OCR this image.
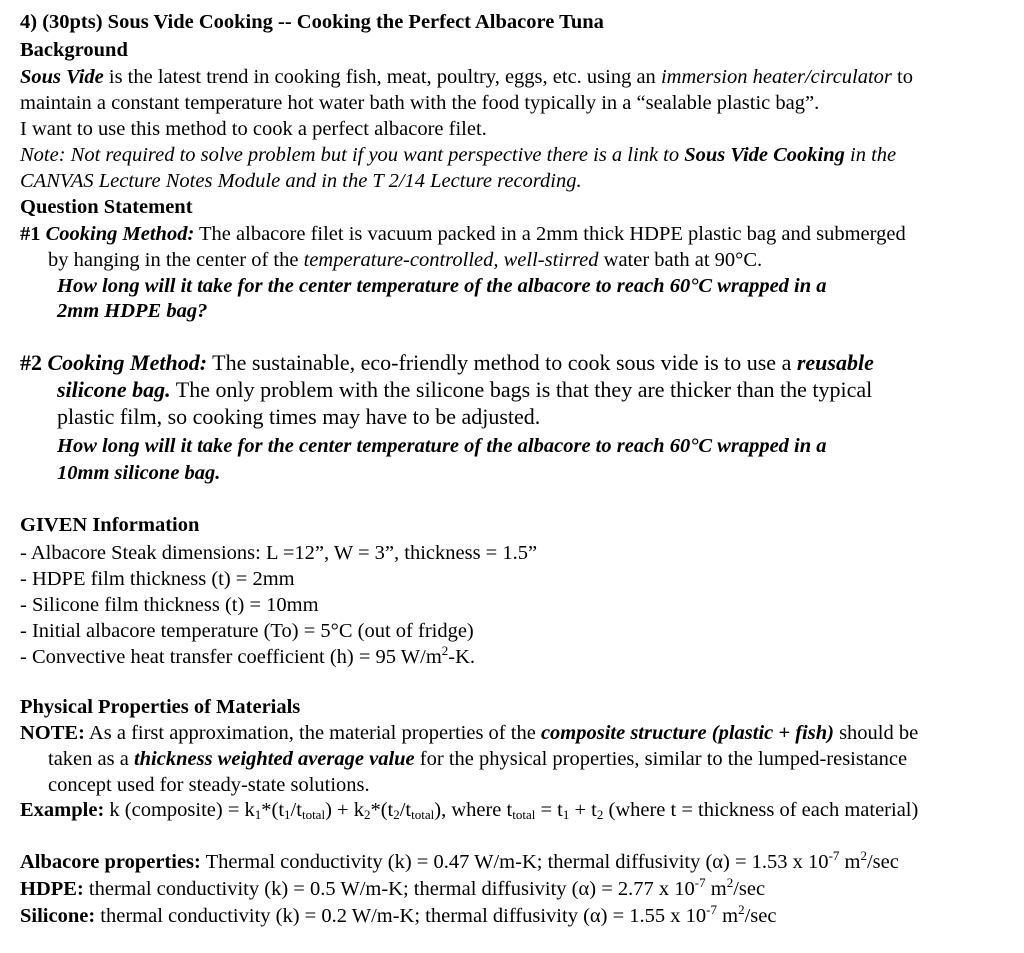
4) (30pts) Sous Vide Cooking -- Cooking the Perfect Albacore Tuna
Background
Sous Vide is the latest trend in cooking fish, meat, poultry, eggs, etc. using an immersion heater/circulator to
maintain a constant temperature hot water bath with the food typically in a “sealable plastic bag”.
I want to use this method to cook a perfect albacore filet.
Note: Not required to solve problem but if you want perspective there is a link to Sous Vide Cooking in the
CANVAS Lecture Notes Module and in the T 2/14 Lecture recording.
Question Statement
#1 Cooking Method: The albacore filet is vacuum packed in a 2mm thick HDPE plastic bag and submerged
by hanging in the center of the temperature-controlled, well-stirred water bath at 90°C.
How long will it take for the center temperature of the albacore to reach 60°C wrapped in a
2mm HDPE bag?
#2 Cooking Method: The sustainable, eco-friendly method to cook sous vide is to use a reusable
silicone bag. The only problem with the silicone bags is that they are thicker than the typical
plastic film, so cooking times may have to be adjusted.
How long will it take for the center temperature of the albacore to reach 60°C wrapped in a
10mm silicone bag.
GIVEN Information
- Albacore Steak dimensions: L =12”, W = 3”, thickness = 1.5”
- HDPE film thickness (t) = 2mm
- Silicone film thickness (t) = 10mm
- Initial albacore temperature (To) = 5°C (out of fridge)
- Convective heat transfer coefficient (h) = 95 $W/m^2-K$.
Physical Properties of Materials
NOTE: As a first approximation, the material properties of the composite structure (plastic + fish) should be
taken as a thickness weighted average value for the physical properties, similar to the lumped-resistance
concept used for steady-state solutions.
Example: k (composite) = $k_1*(t_1/t_{total}) + k_2*(t_2/t_{total})$, where $t_{total} = t_1 + t_2$ (where t = thickness of each material)
Albacore properties: Thermal conductivity (k) = 0.47 W/m-K; thermal diffusivity (α) = 1.53 x $10^{-7}$ $m^2/\sec$
HDPE: thermal conductivity (k) = 0.5 W/m-K; thermal diffusivity (α) = 2.77 x $10^{-7}$ $m^2/\sec$
Silicone: thermal conductivity (k) = 0.2 W/m-K; thermal diffusivity (α) = 1.55 x $10^{-7}$ $m^2/\sec$
